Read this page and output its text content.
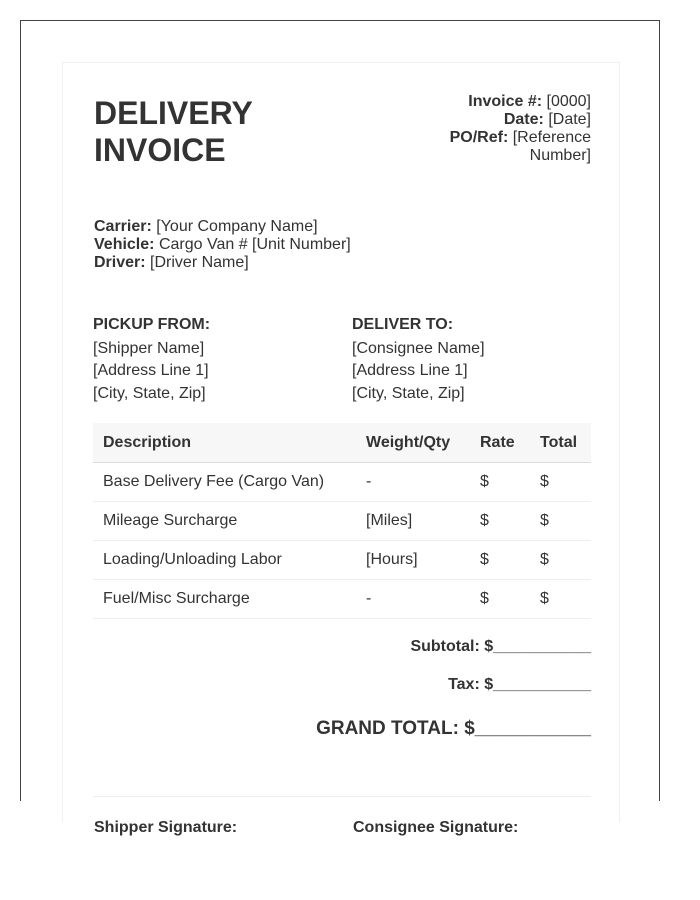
DELIVERY
INVOICE
Invoice #: [0000]
Date: [Date]
PO/Ref: [Reference
Number]
Carrier: [Your Company Name]
Vehicle: Cargo Van # [Unit Number]
Driver: [Driver Name]
PICKUP FROM:
[Shipper Name]
[Address Line 1]
[City, State, Zip]
DELIVER TO:
[Consignee Name]
[Address Line 1]
[City, State, Zip]
Description	Weight/Qty	Rate	Total
Base Delivery Fee (Cargo Van)	-	$	$
Mileage Surcharge	[Miles]	$	$
Loading/Unloading Labor	[Hours]	$	$
Fuel/Misc Surcharge	-	$	$
Subtotal: $___________
Tax: $___________
GRAND TOTAL: $___________
Shipper Signature:	Consignee Signature:
